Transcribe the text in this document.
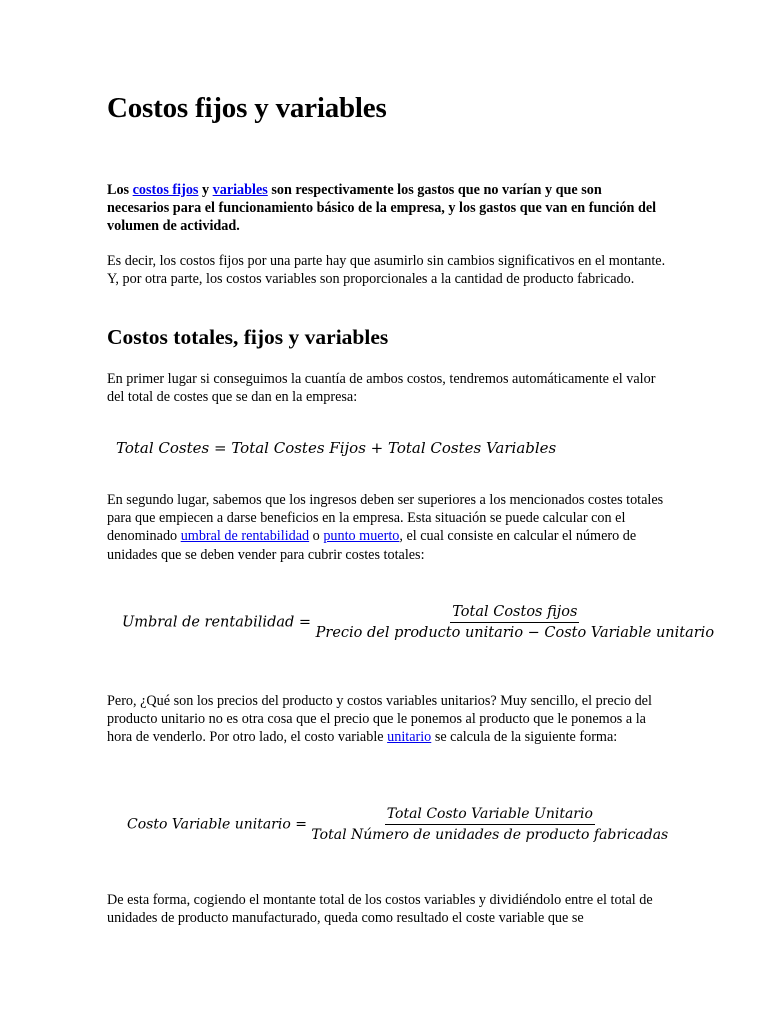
Costos fijos y variables

Los costos fijos y variables son respectivamente los gastos que no varían y que son necesarios para el funcionamiento básico de la empresa, y los gastos que van en función del volumen de actividad.

Es decir, los costos fijos por una parte hay que asumirlo sin cambios significativos en el montante. Y, por otra parte, los costos variables son proporcionales a la cantidad de producto fabricado.

Costos totales, fijos y variables

En primer lugar si conseguimos la cuantía de ambos costos, tendremos automáticamente el valor del total de costes que se dan en la empresa:

Total Costes = Total Costes Fijos + Total Costes Variables

En segundo lugar, sabemos que los ingresos deben ser superiores a los mencionados costes totales para que empiecen a darse beneficios en la empresa. Esta situación se puede calcular con el denominado umbral de rentabilidad o punto muerto, el cual consiste en calcular el número de unidades que se deben vender para cubrir costes totales:

Umbral de rentabilidad = $\frac{\text{Total Costos fijos}}{\text{Precio del producto unitario − Costo Variable unitario}}$

Pero, ¿Qué son los precios del producto y costos variables unitarios? Muy sencillo, el precio del producto unitario no es otra cosa que el precio que le ponemos al producto que le ponemos a la hora de venderlo. Por otro lado, el costo variable unitario se calcula de la siguiente forma:

Costo Variable unitario = $\frac{\text{Total Costo Variable Unitario}}{\text{Total Número de unidades de producto fabricadas}}$

De esta forma, cogiendo el montante total de los costos variables y dividiéndolo entre el total de unidades de producto manufacturado, queda como resultado el coste variable que se
